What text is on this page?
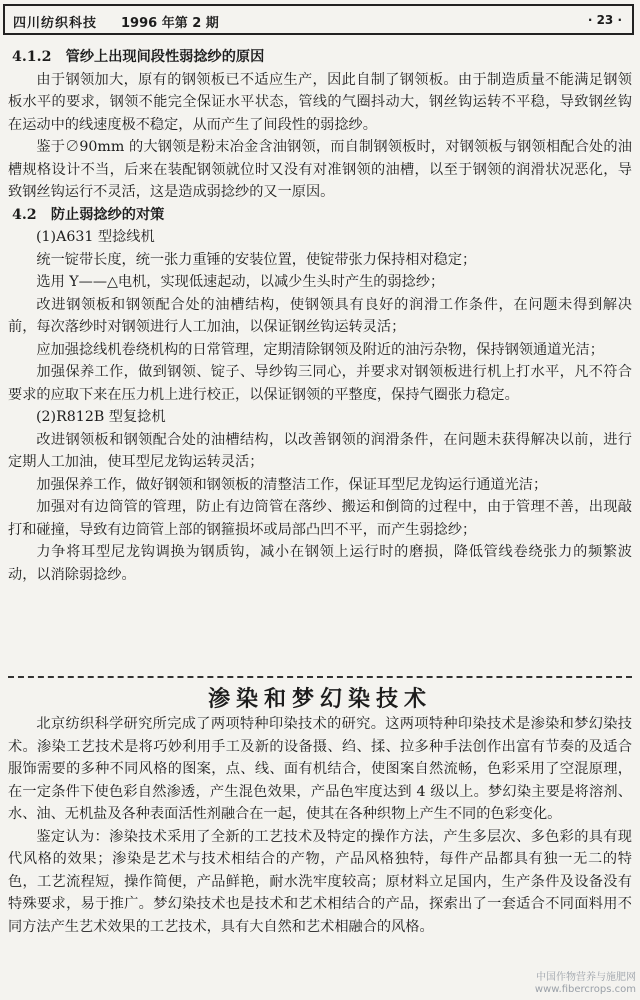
四川纺织科技 1996 年第 2 期	· 23 ·

4.1.2　管纱上出现间段性弱捻纱的原因

由于钢领加大，原有的钢领板已不适应生产，因此自制了钢领板。由于制造质量不能满足钢领板水平的要求，钢领不能完全保证水平状态，管线的气圈抖动大，钢丝钩运转不平稳，导致钢丝钩在运动中的线速度极不稳定，从而产生了间段性的弱捻纱。

鉴于∅90mm 的大钢领是粉末冶金含油钢领，而自制钢领板时，对钢领板与钢领相配合处的油槽规格设计不当，后来在装配钢领就位时又没有对准钢领的油槽，以至于钢领的润滑状况恶化，导致钢丝钩运行不灵活，这是造成弱捻纱的又一原因。

4.2　防止弱捻纱的对策

(1)A631 型捻线机

统一锭带长度，统一张力重锤的安装位置，使锭带张力保持相对稳定；

选用 Y——△电机，实现低速起动，以减少生头时产生的弱捻纱；

改进钢领板和钢领配合处的油槽结构，使钢领具有良好的润滑工作条件，在问题未得到解决前，每次落纱时对钢领进行人工加油，以保证钢丝钩运转灵活；

应加强捻线机卷绕机构的日常管理，定期清除钢领及附近的油污杂物，保持钢领通道光洁；

加强保养工作，做到钢领、锭子、导纱钩三同心，并要求对钢领板进行机上打水平，凡不符合要求的应取下来在压力机上进行校正，以保证钢领的平整度，保持气圈张力稳定。

(2)R812B 型复捻机

改进钢领板和钢领配合处的油槽结构，以改善钢领的润滑条件，在问题未获得解决以前，进行定期人工加油，使耳型尼龙钩运转灵活；

加强保养工作，做好钢领和钢领板的清整洁工作，保证耳型尼龙钩运行通道光洁；

加强对有边筒管的管理，防止有边筒管在落纱、搬运和倒筒的过程中，由于管理不善，出现敲打和碰撞，导致有边筒管上部的钢箍损坏或局部凸凹不平，而产生弱捻纱；

力争将耳型尼龙钩调换为钢质钩，减小在钢领上运行时的磨损，降低管线卷绕张力的频繁波动，以消除弱捻纱。

渗染和梦幻染技术

北京纺织科学研究所完成了两项特种印染技术的研究。这两项特种印染技术是渗染和梦幻染技术。渗染工艺技术是将巧妙利用手工及新的设备摄、绉、揉、拉多种手法创作出富有节奏的及适合服饰需要的多种不同风格的图案，点、线、面有机结合，使图案自然流畅，色彩采用了空混原理，在一定条件下使色彩自然渗透，产生混色效果，产品色牢度达到 4 级以上。梦幻染主要是将溶剂、水、油、无机盐及各种表面活性剂融合在一起，使其在各种织物上产生不同的色彩变化。

鉴定认为：渗染技术采用了全新的工艺技术及特定的操作方法，产生多层次、多色彩的具有现代风格的效果；渗染是艺术与技术相结合的产物，产品风格独特，每件产品都具有独一无二的特色，工艺流程短，操作简便，产品鲜艳，耐水洗牢度较高；原材料立足国内，生产条件及设备没有特殊要求，易于推广。梦幻染技术也是技术和艺术相结合的产品，探索出了一套适合不同面料用不同方法产生艺术效果的工艺技术，具有大自然和艺术相融合的风格。

中国作物营养与施肥网
www.fibercrops.com
